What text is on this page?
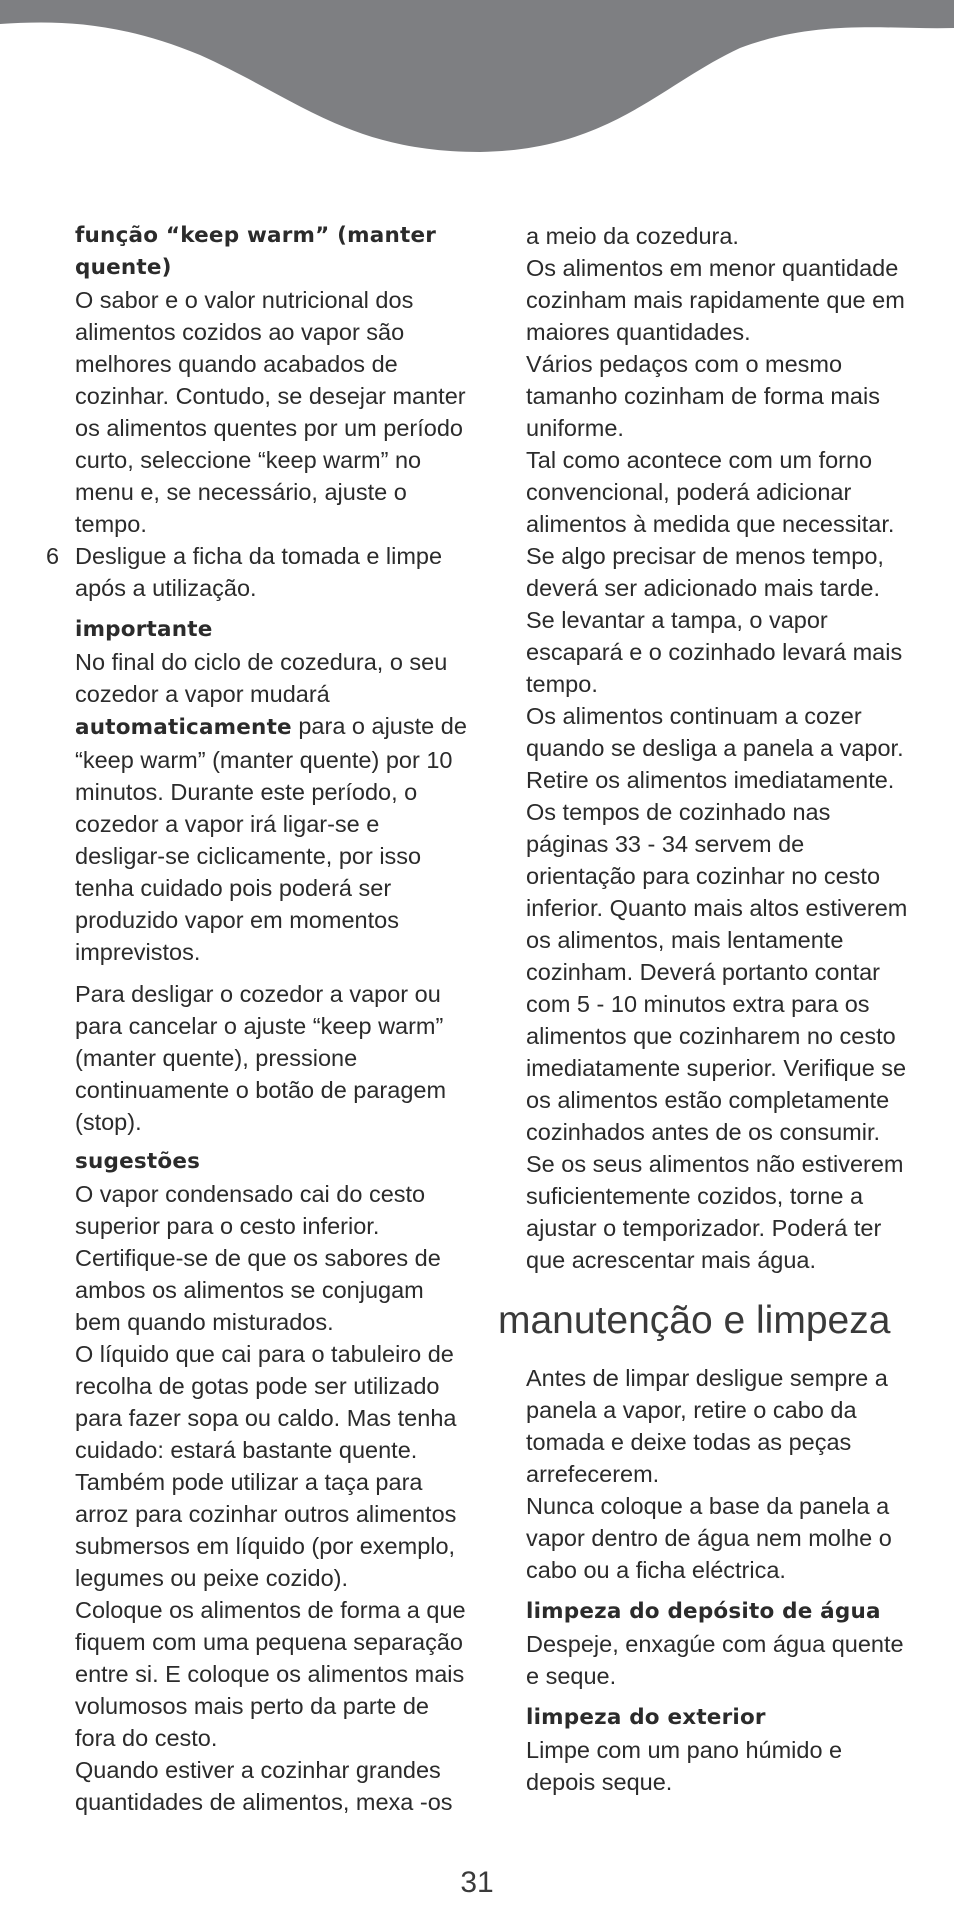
função “keep warm” (manter quente)

O sabor e o valor nutricional dos alimentos cozidos ao vapor são melhores quando acabados de cozinhar. Contudo, se desejar manter os alimentos quentes por um período curto, seleccione “keep warm” no menu e, se necessário, ajuste o tempo.

6 Desligue a ficha da tomada e limpe após a utilização.

importante

No final do ciclo de cozedura, o seu cozedor a vapor mudará automaticamente para o ajuste de “keep warm” (manter quente) por 10 minutos. Durante este período, o cozedor a vapor irá ligar-se e desligar-se ciclicamente, por isso tenha cuidado pois poderá ser produzido vapor em momentos imprevistos.

Para desligar o cozedor a vapor ou para cancelar o ajuste “keep warm” (manter quente), pressione continuamente o botão de paragem (stop).

sugestões

O vapor condensado cai do cesto superior para o cesto inferior. Certifique-se de que os sabores de ambos os alimentos se conjugam bem quando misturados.

O líquido que cai para o tabuleiro de recolha de gotas pode ser utilizado para fazer sopa ou caldo. Mas tenha cuidado: estará bastante quente.

Também pode utilizar a taça para arroz para cozinhar outros alimentos submersos em líquido (por exemplo, legumes ou peixe cozido).

Coloque os alimentos de forma a que fiquem com uma pequena separação entre si. E coloque os alimentos mais volumosos mais perto da parte de fora do cesto.

Quando estiver a cozinhar grandes quantidades de alimentos, mexa -os

a meio da cozedura.

Os alimentos em menor quantidade cozinham mais rapidamente que em maiores quantidades.

Vários pedaços com o mesmo tamanho cozinham de forma mais uniforme.

Tal como acontece com um forno convencional, poderá adicionar alimentos à medida que necessitar. Se algo precisar de menos tempo, deverá ser adicionado mais tarde.

Se levantar a tampa, o vapor escapará e o cozinhado levará mais tempo.

Os alimentos continuam a cozer quando se desliga a panela a vapor. Retire os alimentos imediatamente.

Os tempos de cozinhado nas páginas 33 - 34 servem de orientação para cozinhar no cesto inferior. Quanto mais altos estiverem os alimentos, mais lentamente cozinham. Deverá portanto contar com 5 - 10 minutos extra para os alimentos que cozinharem no cesto imediatamente superior. Verifique se os alimentos estão completamente cozinhados antes de os consumir.

Se os seus alimentos não estiverem suficientemente cozidos, torne a ajustar o temporizador. Poderá ter que acrescentar mais água.

manutenção e limpeza

Antes de limpar desligue sempre a panela a vapor, retire o cabo da tomada e deixe todas as peças arrefecerem.

Nunca coloque a base da panela a vapor dentro de água nem molhe o cabo ou a ficha eléctrica.

limpeza do depósito de água

Despeje, enxagúe com água quente e seque.

limpeza do exterior

Limpe com um pano húmido e depois seque.

31
